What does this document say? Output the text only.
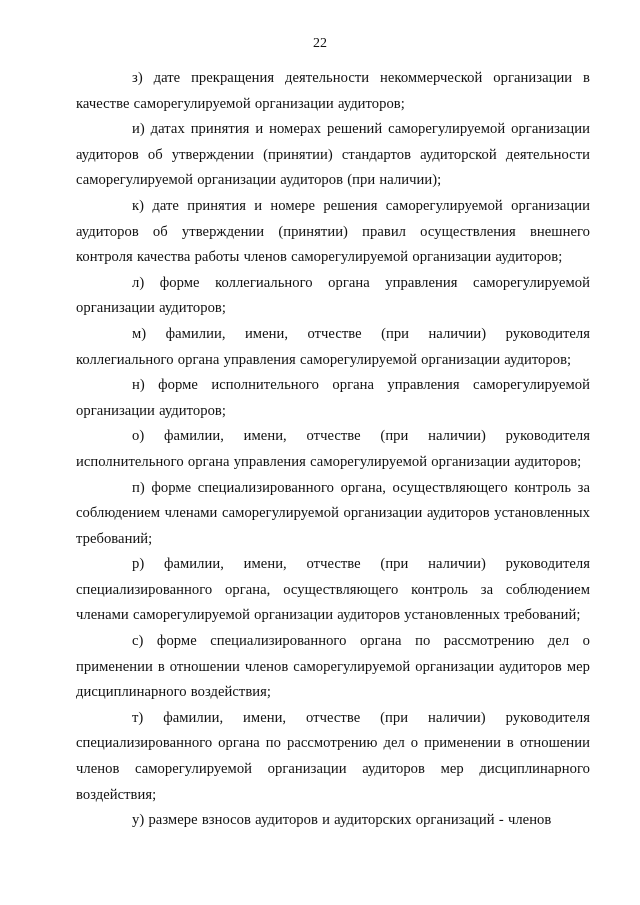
22

з) дате прекращения деятельности некоммерческой организации в качестве саморегулируемой организации аудиторов;

и) датах принятия и номерах решений саморегулируемой организации аудиторов об утверждении (принятии) стандартов аудиторской деятельности саморегулируемой организации аудиторов (при наличии);

к) дате принятия и номере решения саморегулируемой организации аудиторов об утверждении (принятии) правил осуществления внешнего контроля качества работы членов саморегулируемой организации аудиторов;

л) форме коллегиального органа управления саморегулируемой организации аудиторов;

м) фамилии, имени, отчестве (при наличии) руководителя коллегиального органа управления саморегулируемой организации аудиторов;

н) форме исполнительного органа управления саморегулируемой организации аудиторов;

о) фамилии, имени, отчестве (при наличии) руководителя исполнительного органа управления саморегулируемой организации аудиторов;

п) форме специализированного органа, осуществляющего контроль за соблюдением членами саморегулируемой организации аудиторов установленных требований;

р) фамилии, имени, отчестве (при наличии) руководителя специализированного органа, осуществляющего контроль за соблюдением членами саморегулируемой организации аудиторов установленных требований;

с) форме специализированного органа по рассмотрению дел о применении в отношении членов саморегулируемой организации аудиторов мер дисциплинарного воздействия;

т) фамилии, имени, отчестве (при наличии) руководителя специализированного органа по рассмотрению дел о применении в отношении членов саморегулируемой организации аудиторов мер дисциплинарного воздействия;

у) размере взносов аудиторов и аудиторских организаций - членов
